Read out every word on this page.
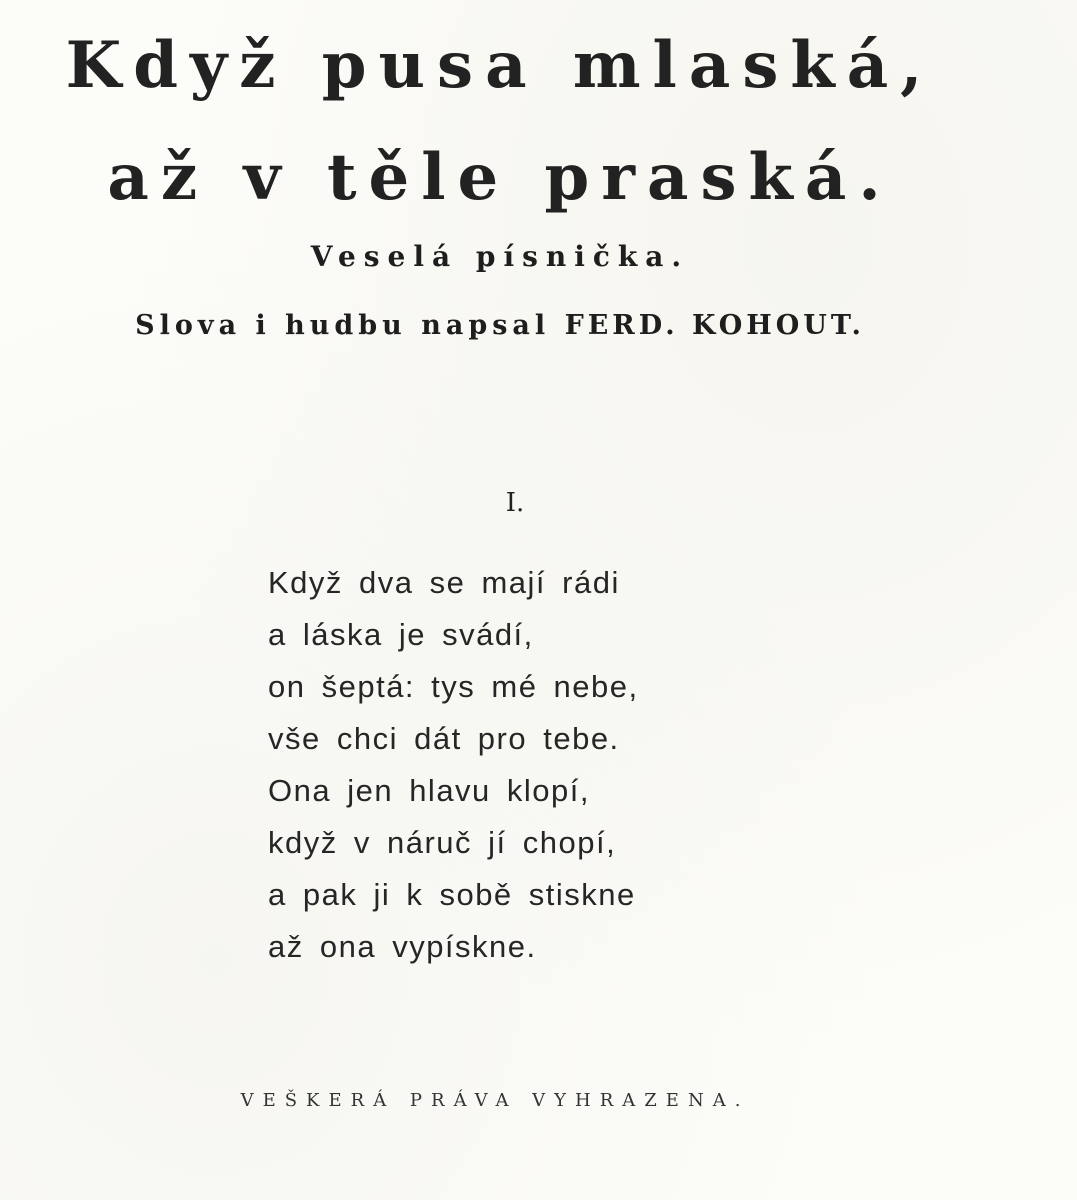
Když pusa mlaská,
až v těle praská.
Veselá písnička.
Slova i hudbu napsal FERD. KOHOUT.
I.
Když dva se mají rádi
a láska je svádí,
on šeptá: tys mé nebe,
vše chci dát pro tebe.
Ona jen hlavu klopí,
když v náruč jí chopí,
a pak ji k sobě stiskne
až ona vypískne.
VEŠKERÁ PRÁVA VYHRAZENA.
